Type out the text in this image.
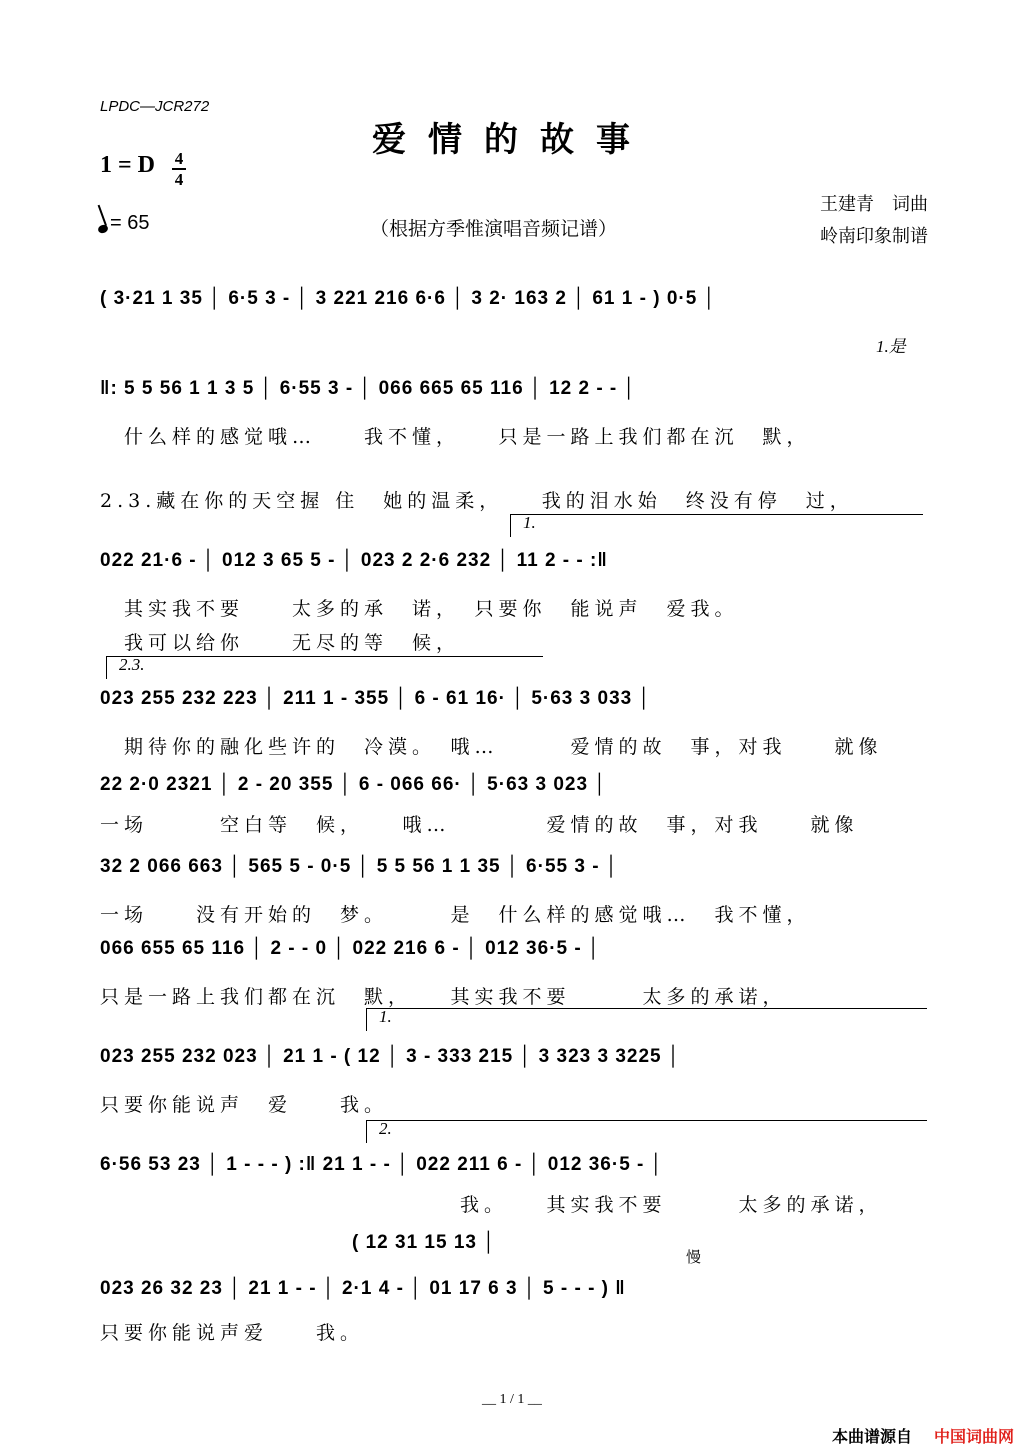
LPDC—JCR272
爱情的故事
1 = D 4
4
= 65	（根据方季惟演唱音频记谱）
王建青　词曲
岭南印象制谱
( 3·21 1 35 │ 6·5 3 - │ 3 221 216 6·6 │ 3 2· 163 2 │ 61 1 - ) 0·5 │
1.是
‖: 5 5 56 1 1 3 5 │ 6·55 3 - │ 066 665 65 116 │ 12 2 - - │
　什么样的感觉哦…　　我不懂，　　只是一路上我们都在沉　默，
2.3.藏在你的天空握 住　她的温柔，　　我的泪水始　终没有停　过，
1.
022 21·6 - │ 012 3 65 5 - │ 023 2 2·6 232 │ 11 2 - - :‖
　其实我不要　　太多的承　诺，　只要你　能说声　爱我。
　我可以给你　　无尽的等　候，
2.3.
023 255 232 223 │ 211 1 - 355 │ 6 - 61 16· │ 5·63 3 033 │
　期待你的融化些许的　冷漠。　哦…　　　爱情的故　事，对我　　就像
22 2·0 2321 │ 2 - 20 355 │ 6 - 066 66· │ 5·63 3 023 │
一场　　　空白等　候，　　哦…　　　　爱情的故　事，对我　　就像
32 2 066 663 │ 565 5 - 0·5 │ 5 5 56 1 1 35 │ 6·55 3 - │
一场　　没有开始的　梦。　　　是　什么样的感觉哦…　我不懂，
066 655 65 116 │ 2 - - 0 │ 022 216 6 - │ 012 36·5 - │
只是一路上我们都在沉　默，　　其实我不要　　　太多的承诺，
1.
023 255 232 023 │ 21 1 - ( 12 │ 3 - 333 215 │ 3 323 3 3225 │
只要你能说声　爱　　我。
2.
6·56 53 23 │ 1 - - - ) :‖ 21 1 - - │ 022 211 6 - │ 012 36·5 - │
　　　　　　　　　　　　　　　我。　　其实我不要　　　太多的承诺，
( 12 31 15 13 │
慢
023 26 32 23 │ 21 1 - - │ 2·1 4 - │ 01 17 6 3 │ 5 - - - ) ‖
只要你能说声爱　　我。
__ 1 / 1 __
本曲谱源自 中国词曲网
